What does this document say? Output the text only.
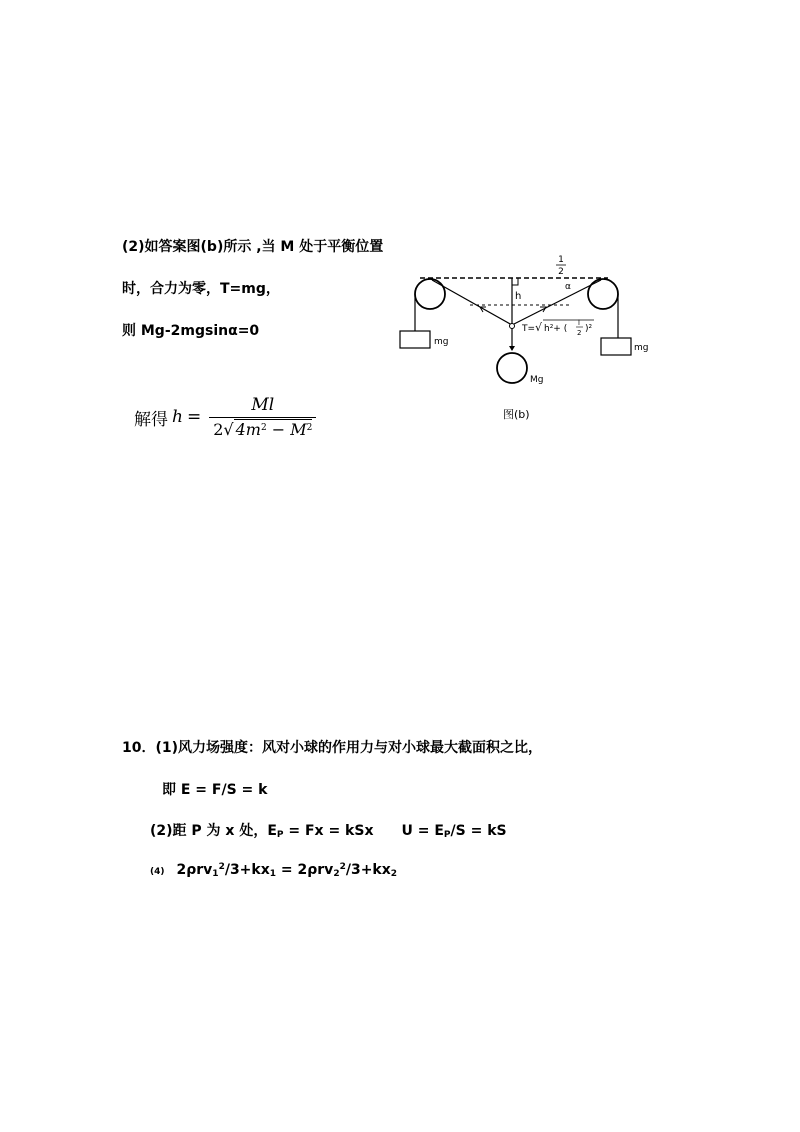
(2)如答案图(b)所示 ,当 M 处于平衡位置
时，合力为零，T=mg，
则 Mg-2mgsinα=0
解得 $h = \frac{Ml}{2√ 4m^2 - M^2}$
mg
mg
h
Mg
1
2
α
T= √ h²+ (
l
2 )²
图(b)
10．(1)风力场强度：风对小球的作用力与对小球最大截面积之比，
即 E = F/S = k
(2)距 P 为 x 处，$E_P = Fx$ = kSx $U = E_P/S$ = kS
(4) $2\rho rv_1^2/3+kx_1 = 2\rho rv_2^2/3+kx_2$
